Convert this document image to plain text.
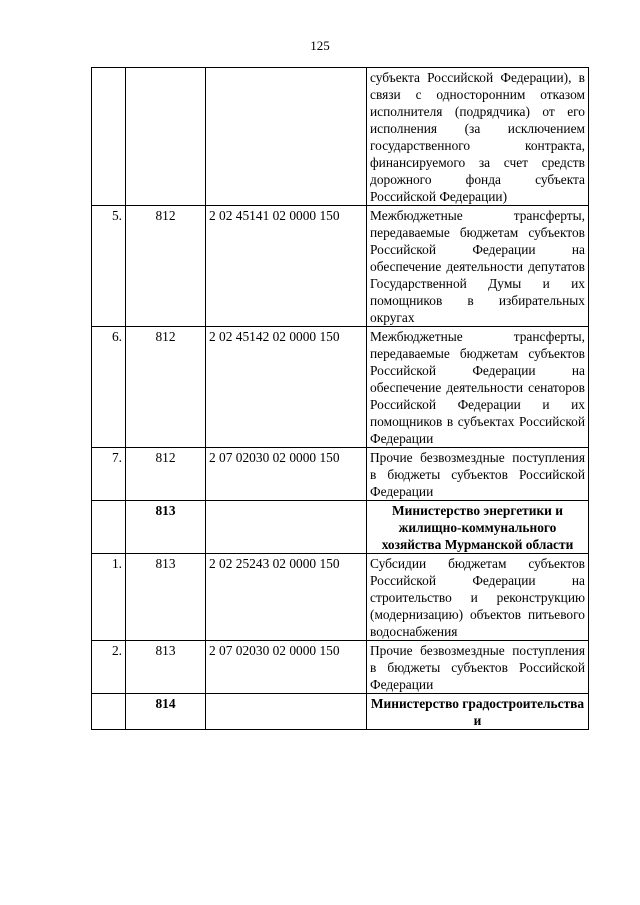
125
			субъекта Российской Федерации), в связи с односторонним отказом исполнителя (подрядчика) от его исполнения (за исключением государственного контракта, финансируемого за счет средств дорожного фонда субъекта Российской Федерации)
5.	812	2 02 45141 02 0000 150	Межбюджетные трансферты, передаваемые бюджетам субъектов Российской Федерации на обеспечение деятельности депутатов Государственной Думы и их помощников в избирательных округах
6.	812	2 02 45142 02 0000 150	Межбюджетные трансферты, передаваемые бюджетам субъектов Российской Федерации на обеспечение деятельности сенаторов Российской Федерации и их помощников в субъектах Российской Федерации
7.	812	2 07 02030 02 0000 150	Прочие безвозмездные поступления в бюджеты субъектов Российской Федерации
	813		Министерство энергетики и жилищно-коммунального хозяйства Мурманской области
1.	813	2 02 25243 02 0000 150	Субсидии бюджетам субъектов Российской Федерации на строительство и реконструкцию (модернизацию) объектов питьевого водоснабжения
2.	813	2 07 02030 02 0000 150	Прочие безвозмездные поступления в бюджеты субъектов Российской Федерации
	814		Министерство градостроительства и
